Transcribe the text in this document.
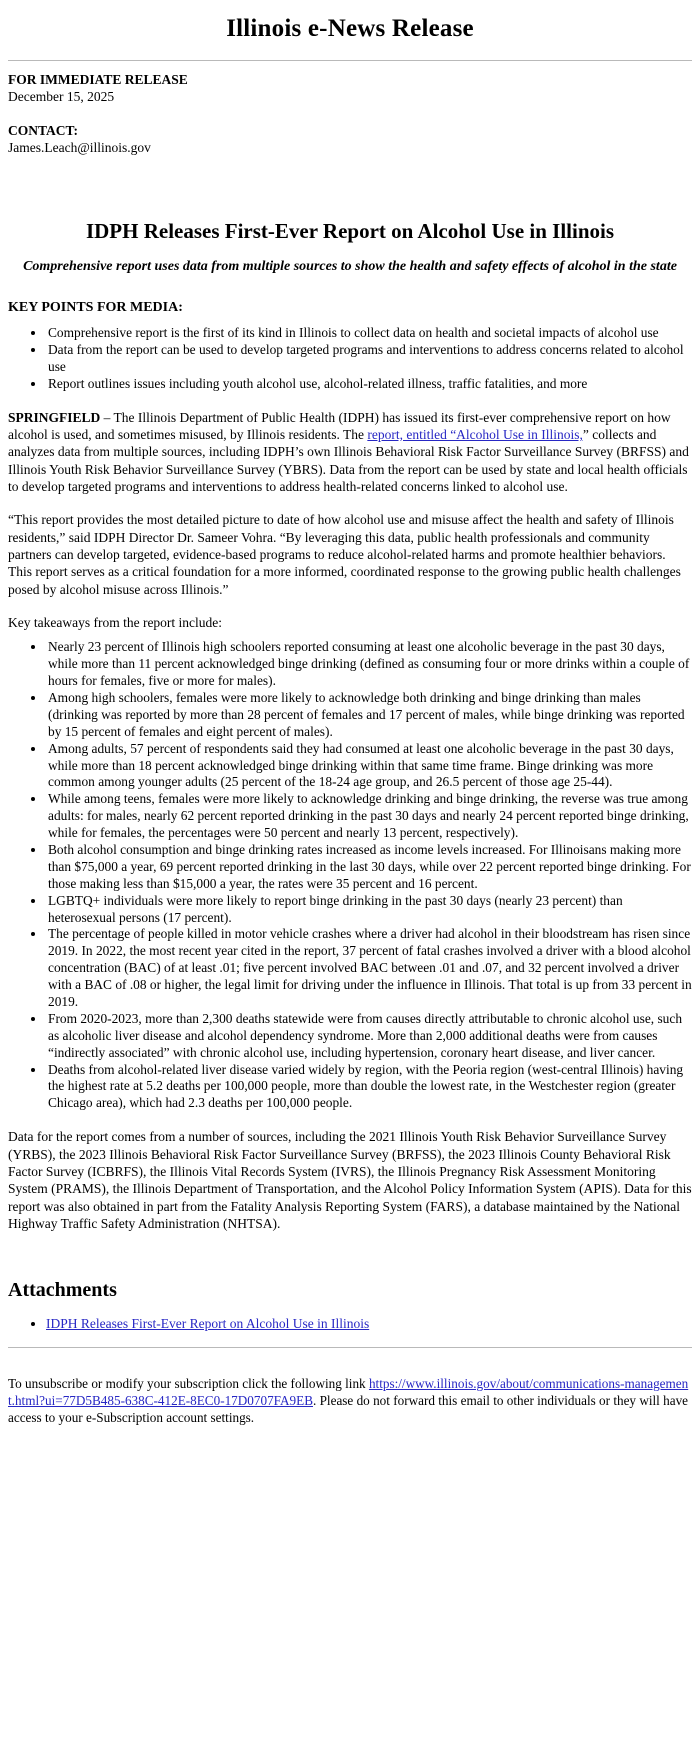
Illinois e-News Release
FOR IMMEDIATE RELEASE
December 15, 2025
CONTACT:
James.Leach@illinois.gov
IDPH Releases First-Ever Report on Alcohol Use in Illinois
Comprehensive report uses data from multiple sources to show the health and safety effects of alcohol in the state
KEY POINTS FOR MEDIA:
• Comprehensive report is the first of its kind in Illinois to collect data on health and societal impacts of alcohol use
• Data from the report can be used to develop targeted programs and interventions to address concerns related to alcohol use
• Report outlines issues including youth alcohol use, alcohol-related illness, traffic fatalities, and more

SPRINGFIELD – The Illinois Department of Public Health (IDPH) has issued its first-ever comprehensive report on how alcohol is used, and sometimes misused, by Illinois residents. The report, entitled “Alcohol Use in Illinois,” collects and analyzes data from multiple sources, including IDPH’s own Illinois Behavioral Risk Factor Surveillance Survey (BRFSS) and Illinois Youth Risk Behavior Surveillance Survey (YBRS). Data from the report can be used by state and local health officials to develop targeted programs and interventions to address health-related concerns linked to alcohol use.

“This report provides the most detailed picture to date of how alcohol use and misuse affect the health and safety of Illinois residents,” said IDPH Director Dr. Sameer Vohra. “By leveraging this data, public health professionals and community partners can develop targeted, evidence-based programs to reduce alcohol-related harms and promote healthier behaviors. This report serves as a critical foundation for a more informed, coordinated response to the growing public health challenges posed by alcohol misuse across Illinois.”

Key takeaways from the report include:

• Nearly 23 percent of Illinois high schoolers reported consuming at least one alcoholic beverage in the past 30 days, while more than 11 percent acknowledged binge drinking (defined as consuming four or more drinks within a couple of hours for females, five or more for males).
• Among high schoolers, females were more likely to acknowledge both drinking and binge drinking than males (drinking was reported by more than 28 percent of females and 17 percent of males, while binge drinking was reported by 15 percent of females and eight percent of males).
• Among adults, 57 percent of respondents said they had consumed at least one alcoholic beverage in the past 30 days, while more than 18 percent acknowledged binge drinking within that same time frame. Binge drinking was more common among younger adults (25 percent of the 18-24 age group, and 26.5 percent of those age 25-44).
• While among teens, females were more likely to acknowledge drinking and binge drinking, the reverse was true among adults: for males, nearly 62 percent reported drinking in the past 30 days and nearly 24 percent reported binge drinking, while for females, the percentages were 50 percent and nearly 13 percent, respectively).
• Both alcohol consumption and binge drinking rates increased as income levels increased. For Illinoisans making more than $75,000 a year, 69 percent reported drinking in the last 30 days, while over 22 percent reported binge drinking. For those making less than $15,000 a year, the rates were 35 percent and 16 percent.
• LGBTQ+ individuals were more likely to report binge drinking in the past 30 days (nearly 23 percent) than heterosexual persons (17 percent).
• The percentage of people killed in motor vehicle crashes where a driver had alcohol in their bloodstream has risen since 2019. In 2022, the most recent year cited in the report, 37 percent of fatal crashes involved a driver with a blood alcohol concentration (BAC) of at least .01; five percent involved BAC between .01 and .07, and 32 percent involved a driver with a BAC of .08 or higher, the legal limit for driving under the influence in Illinois. That total is up from 33 percent in 2019.
• From 2020-2023, more than 2,300 deaths statewide were from causes directly attributable to chronic alcohol use, such as alcoholic liver disease and alcohol dependency syndrome. More than 2,000 additional deaths were from causes “indirectly associated” with chronic alcohol use, including hypertension, coronary heart disease, and liver cancer.
• Deaths from alcohol-related liver disease varied widely by region, with the Peoria region (west-central Illinois) having the highest rate at 5.2 deaths per 100,000 people, more than double the lowest rate, in the Westchester region (greater Chicago area), which had 2.3 deaths per 100,000 people.

Data for the report comes from a number of sources, including the 2021 Illinois Youth Risk Behavior Surveillance Survey (YRBS), the 2023 Illinois Behavioral Risk Factor Surveillance Survey (BRFSS), the 2023 Illinois County Behavioral Risk Factor Survey (ICBRFS), the Illinois Vital Records System (IVRS), the Illinois Pregnancy Risk Assessment Monitoring System (PRAMS), the Illinois Department of Transportation, and the Alcohol Policy Information System (APIS). Data for this report was also obtained in part from the Fatality Analysis Reporting System (FARS), a database maintained by the National Highway Traffic Safety Administration (NHTSA).

Attachments
• IDPH Releases First-Ever Report on Alcohol Use in Illinois

To unsubscribe or modify your subscription click the following link https://www.illinois.gov/about/communications-management.html?ui=77D5B485-638C-412E-8EC0-17D0707FA9EB. Please do not forward this email to other individuals or they will have access to your e-Subscription account settings.
